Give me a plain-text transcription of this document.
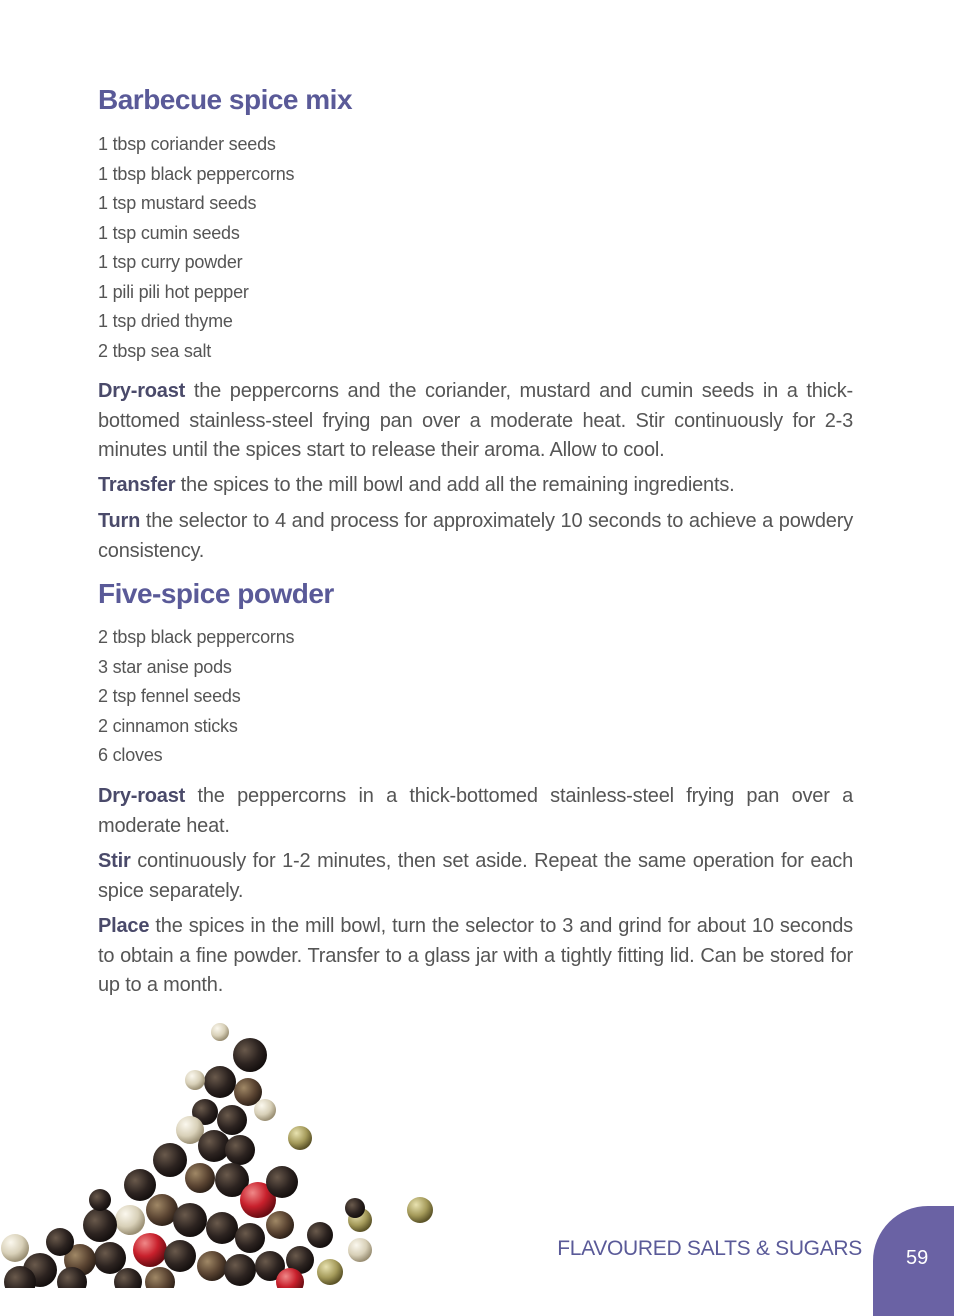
Barbecue spice mix
1 tbsp coriander seeds
1 tbsp black peppercorns
1 tsp mustard seeds
1 tsp cumin seeds
1 tsp curry powder
1 pili pili hot pepper
1 tsp dried thyme
2 tbsp sea salt

Dry-roast the peppercorns and the coriander, mustard and cumin seeds in a thick-bottomed stainless-steel frying pan over a moderate heat. Stir continuously for 2-3 minutes until the spices start to release their aroma. Allow to cool.

Transfer the spices to the mill bowl and add all the remaining ingredients.

Turn the selector to 4 and process for approximately 10 seconds to achieve a powdery consistency.

Five-spice powder
2 tbsp black peppercorns
3 star anise pods
2 tsp fennel seeds
2 cinnamon sticks
6 cloves

Dry-roast the peppercorns in a thick-bottomed stainless-steel frying pan over a moderate heat.

Stir continuously for 1-2 minutes, then set aside. Repeat the same operation for each spice separately.

Place the spices in the mill bowl, turn the selector to 3 and grind for about 10 seconds to obtain a fine powder. Transfer to a glass jar with a tightly fitting lid. Can be stored for up to a month.

FLAVOURED SALTS & SUGARS 59
